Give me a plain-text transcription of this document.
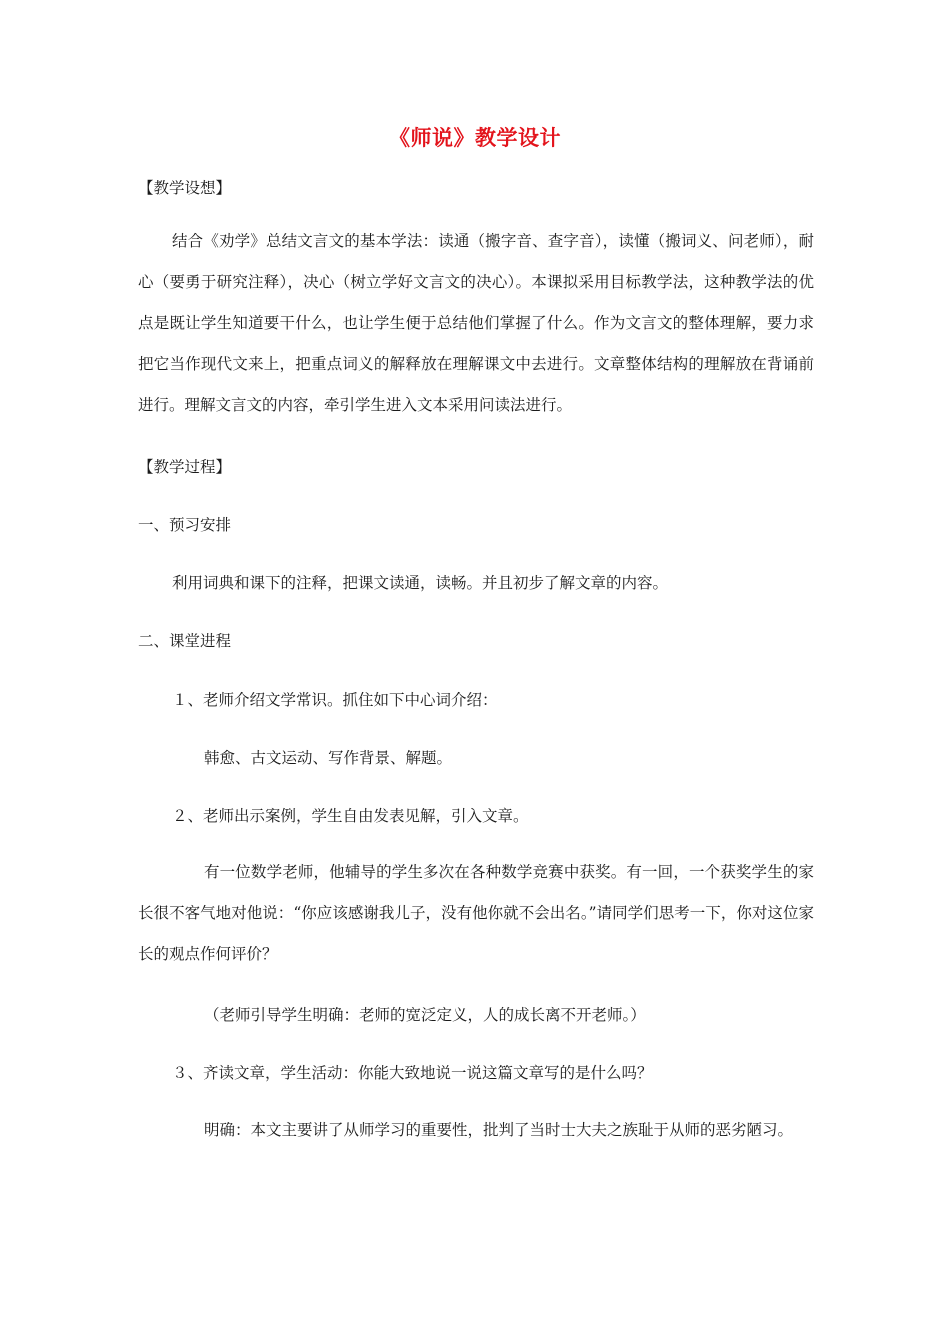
《师说》教学设计
【教学设想】
结合《劝学》总结文言文的基本学法：读通（搬字音、查字音），读懂（搬词义、问老师），耐心（要勇于研究注释），决心（树立学好文言文的决心）。本课拟采用目标教学法，这种教学法的优点是既让学生知道要干什么，也让学生便于总结他们掌握了什么。作为文言文的整体理解，要力求把它当作现代文来上，把重点词义的解释放在理解课文中去进行。文章整体结构的理解放在背诵前进行。理解文言文的内容，牵引学生进入文本采用问读法进行。
【教学过程】
一、预习安排
利用词典和课下的注释，把课文读通，读畅。并且初步了解文章的内容。
二、课堂进程
１、老师介绍文学常识。抓住如下中心词介绍：
韩愈、古文运动、写作背景、解题。
２、老师出示案例，学生自由发表见解，引入文章。
有一位数学老师，他辅导的学生多次在各种数学竞赛中获奖。有一回，一个获奖学生的家长很不客气地对他说：“你应该感谢我儿子，没有他你就不会出名。”请同学们思考一下，你对这位家长的观点作何评价？
（老师引导学生明确：老师的宽泛定义，人的成长离不开老师。）
３、齐读文章，学生活动：你能大致地说一说这篇文章写的是什么吗？
明确：本文主要讲了从师学习的重要性，批判了当时士大夫之族耻于从师的恶劣陋习。
